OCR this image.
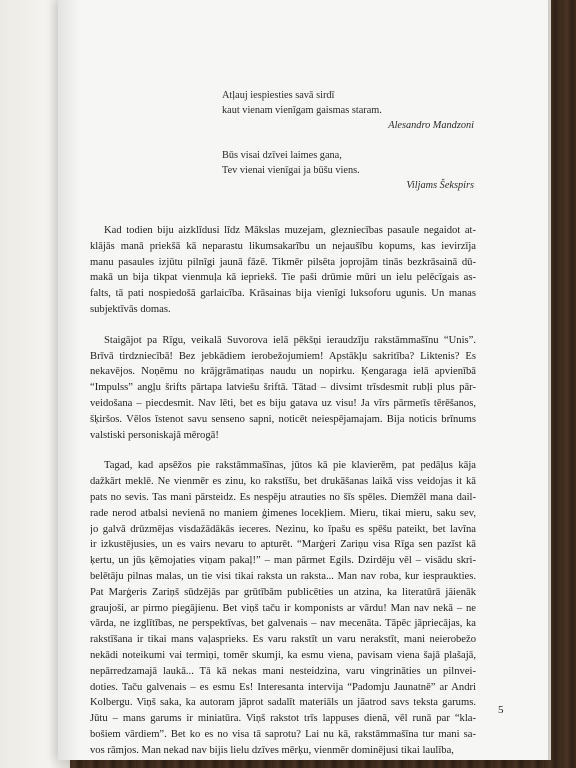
Atļauj iespiesties savā sirdī
kaut vienam vienīgam gaismas staram.
Alesandro Mandzoni
Būs visai dzīvei laimes gana,
Tev vienai vienīgai ja būšu viens.
Viljams Šekspirs
Kad todien biju aizklīdusi līdz Mākslas muzejam, glezniecības pasaule negaidot at-
klājās manā priekšā kā neparastu likumsakarību un nejaušību kopums, kas ievirzīja
manu pasaules izjūtu pilnīgi jaunā fāzē. Tikmēr pilsēta joprojām tinās bezkrāsainā dū-
makā un bija tikpat vienmuļa kā iepriekš. Tie paši drūmie mūri un ielu pelēcīgais as-
falts, tā pati nospiedošā garlaicība. Krāsainas bija vienīgi luksoforu ugunis. Un manas
subjektīvās domas.
Staigājot pa Rīgu, veikalā Suvorova ielā pēkšņi ieraudzīju rakstāmmašīnu “Unis”.
Brīvā tirdzniecībā! Bez jebkādiem ierobežojumiem! Apstākļu sakritība? Liktenis? Es
nekavējos. Noņēmu no krājgrāmatiņas naudu un nopirku. Ķengaraga ielā apvienībā
“Impulss” angļu šrifts pārtapa latviešu šriftā. Tātad – divsimt trīsdesmit rubļi plus pār-
veidošana – piecdesmit. Nav lēti, bet es biju gatava uz visu! Ja vīrs pārmetīs tērēšanos,
šķiršos. Vēlos īstenot savu senseno sapni, noticēt neiespējamajam. Bija noticis brīnums
valstiski personiskajā mērogā!
Tagad, kad apsēžos pie rakstāmmašīnas, jūtos kā pie klavierēm, pat pedāļus kāja
dažkārt meklē. Ne vienmēr es zinu, ko rakstīšu, bet drukāšanas laikā viss veidojas it kā
pats no sevis. Tas mani pārsteidz. Es nespēju atrauties no šīs spēles. Diemžēl mana dail-
rade nerod atbalsi nevienā no maniem ģimenes locekļiem. Mieru, tikai mieru, saku sev,
jo galvā drūzmējas visdažādākās ieceres. Nezinu, ko īpašu es spēšu pateikt, bet lavīna
ir izkustējusies, un es vairs nevaru to apturēt. “Marģeri Zariņu visa Rīga sen pazīst kā
ķertu, un jūs ķēmojaties viņam pakaļ!” – man pārmet Egils. Dzirdēju vēl – visādu skri-
belētāju pilnas malas, un tie visi tikai raksta un raksta... Man nav roba, kur iespraukties.
Pat Marģeris Zariņš sūdzējās par grūtībām publicēties un atzina, ka literatūrā jāienāk
graujoši, ar pirmo piegājienu. Bet viņš taču ir komponists ar vārdu! Man nav nekā – ne
vārda, ne izglītības, ne perspektīvas, bet galvenais – nav mecenāta. Tāpēc jāpriecājas, ka
rakstīšana ir tikai mans vaļasprieks. Es varu rakstīt un varu nerakstīt, mani neierobežo
nekādi noteikumi vai termiņi, tomēr skumji, ka esmu viena, pavisam viena šajā plašajā,
nepārredzamajā laukā... Tā kā nekas mani nesteidzina, varu vingrināties un pilnvei-
doties. Taču galvenais – es esmu Es! Interesanta intervija “Padomju Jaunatnē” ar Andri
Kolbergu. Viņš saka, ka autoram jāprot sadalīt materiāls un jāatrod savs teksta garums.
Jūtu – mans garums ir miniatūra. Viņš rakstot trīs lappuses dienā, vēl runā par “kla-
bošiem vārdiem”. Bet ko es no visa tā saprotu? Lai nu kā, rakstāmmašīna tur mani sa-
vos rāmjos. Man nekad nav bijis lielu dzīves mērķu, vienmēr dominējusi tikai laulība,
5
